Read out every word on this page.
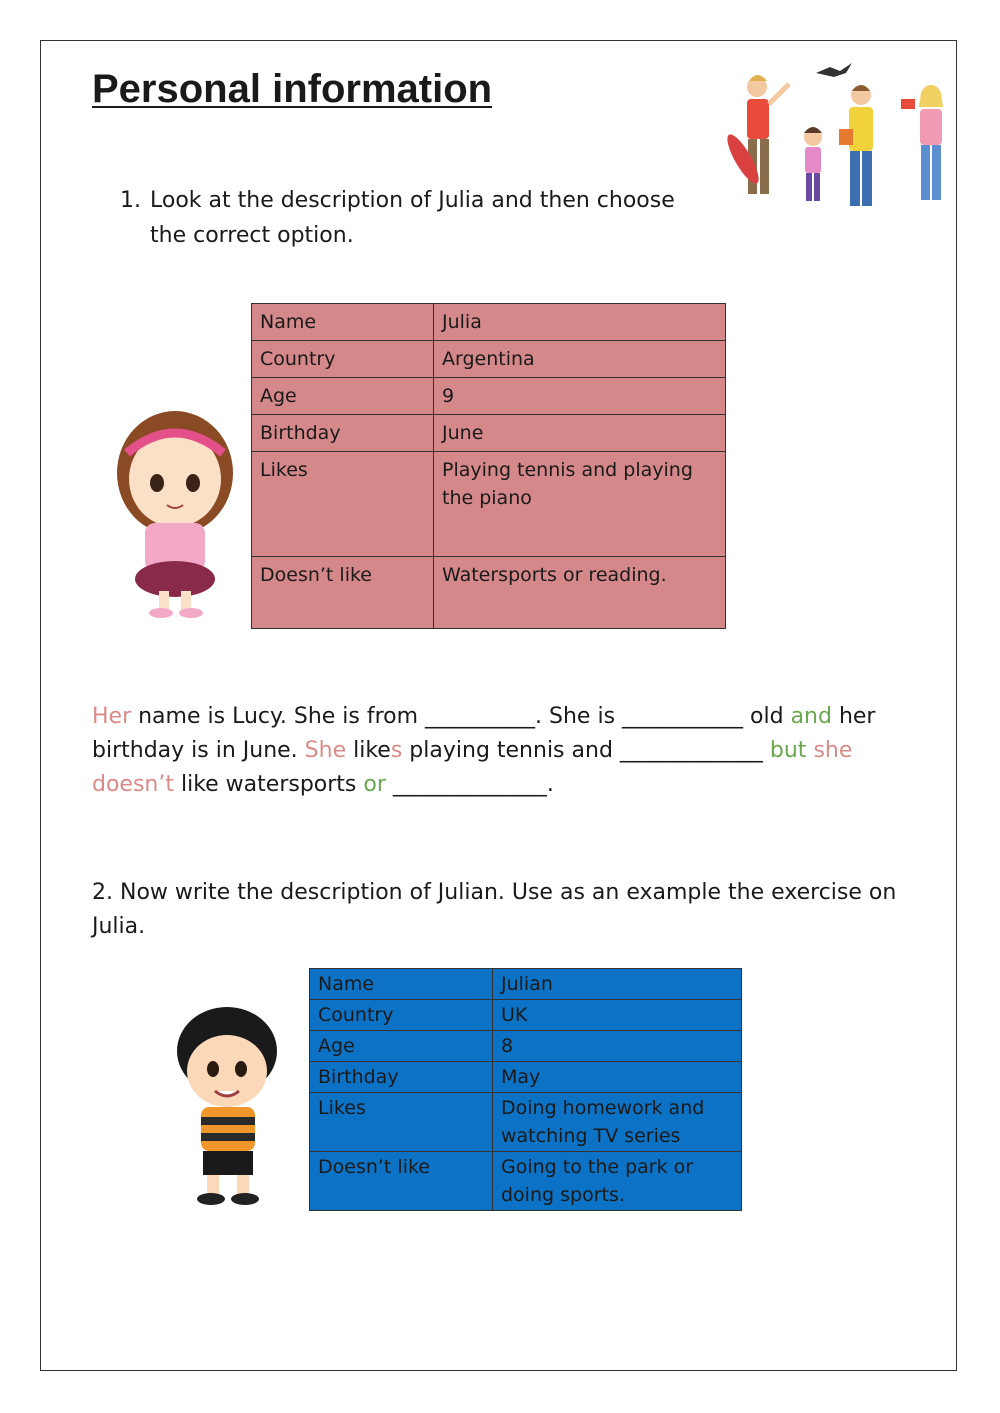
Personal information
1. Look at the description of Julia and then choose the correct option.
Name	Julia
Country	Argentina
Age	9
Birthday	June
Likes	Playing tennis and playing the piano
Doesn’t like	Watersports or reading.
Her name is Lucy. She is from __________. She is ___________ old and her birthday is in June. She likes playing tennis and _____________ but she doesn’t like watersports or ______________.
2. Now write the description of Julian. Use as an example the exercise on Julia.
Name	Julian
Country	UK
Age	8
Birthday	May
Likes	Doing homework and watching TV series
Doesn’t like	Going to the park or doing sports.
